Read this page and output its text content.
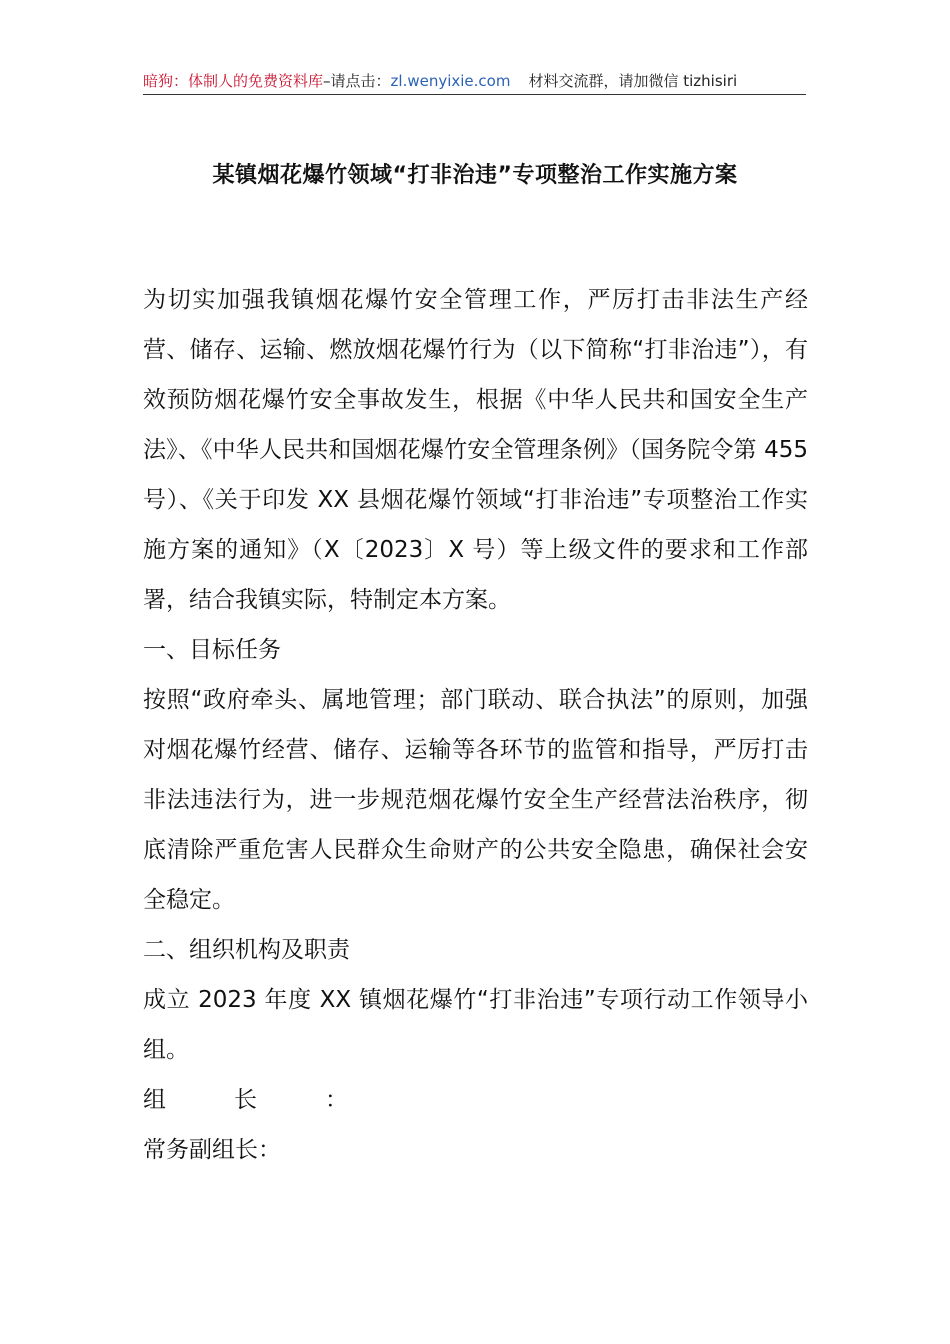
暗狗：体制人的免费资料库–请点击：zl.wenyixie.com 材料交流群，请加微信 tizhisiri
某镇烟花爆竹领域“打非治违”专项整治工作实施方案

为切实加强我镇烟花爆竹安全管理工作，严厉打击非法生产经营、储存、运输、燃放烟花爆竹行为（以下简称“打非治违”），有效预防烟花爆竹安全事故发生，根据《中华人民共和国安全生产法》、《中华人民共和国烟花爆竹安全管理条例》（国务院令第 455 号）、《关于印发 XX 县烟花爆竹领域“打非治违”专项整治工作实施方案的通知》（X〔2023〕X 号）等上级文件的要求和工作部署，结合我镇实际，特制定本方案。

一、目标任务

按照“政府牵头、属地管理；部门联动、联合执法”的原则，加强对烟花爆竹经营、储存、运输等各环节的监管和指导，严厉打击非法违法行为，进一步规范烟花爆竹安全生产经营法治秩序，彻底清除严重危害人民群众生命财产的公共安全隐患，确保社会安全稳定。

二、组织机构及职责

成立 2023 年度 XX 镇烟花爆竹“打非治违”专项行动工作领导小组。

组长：

常务副组长：
